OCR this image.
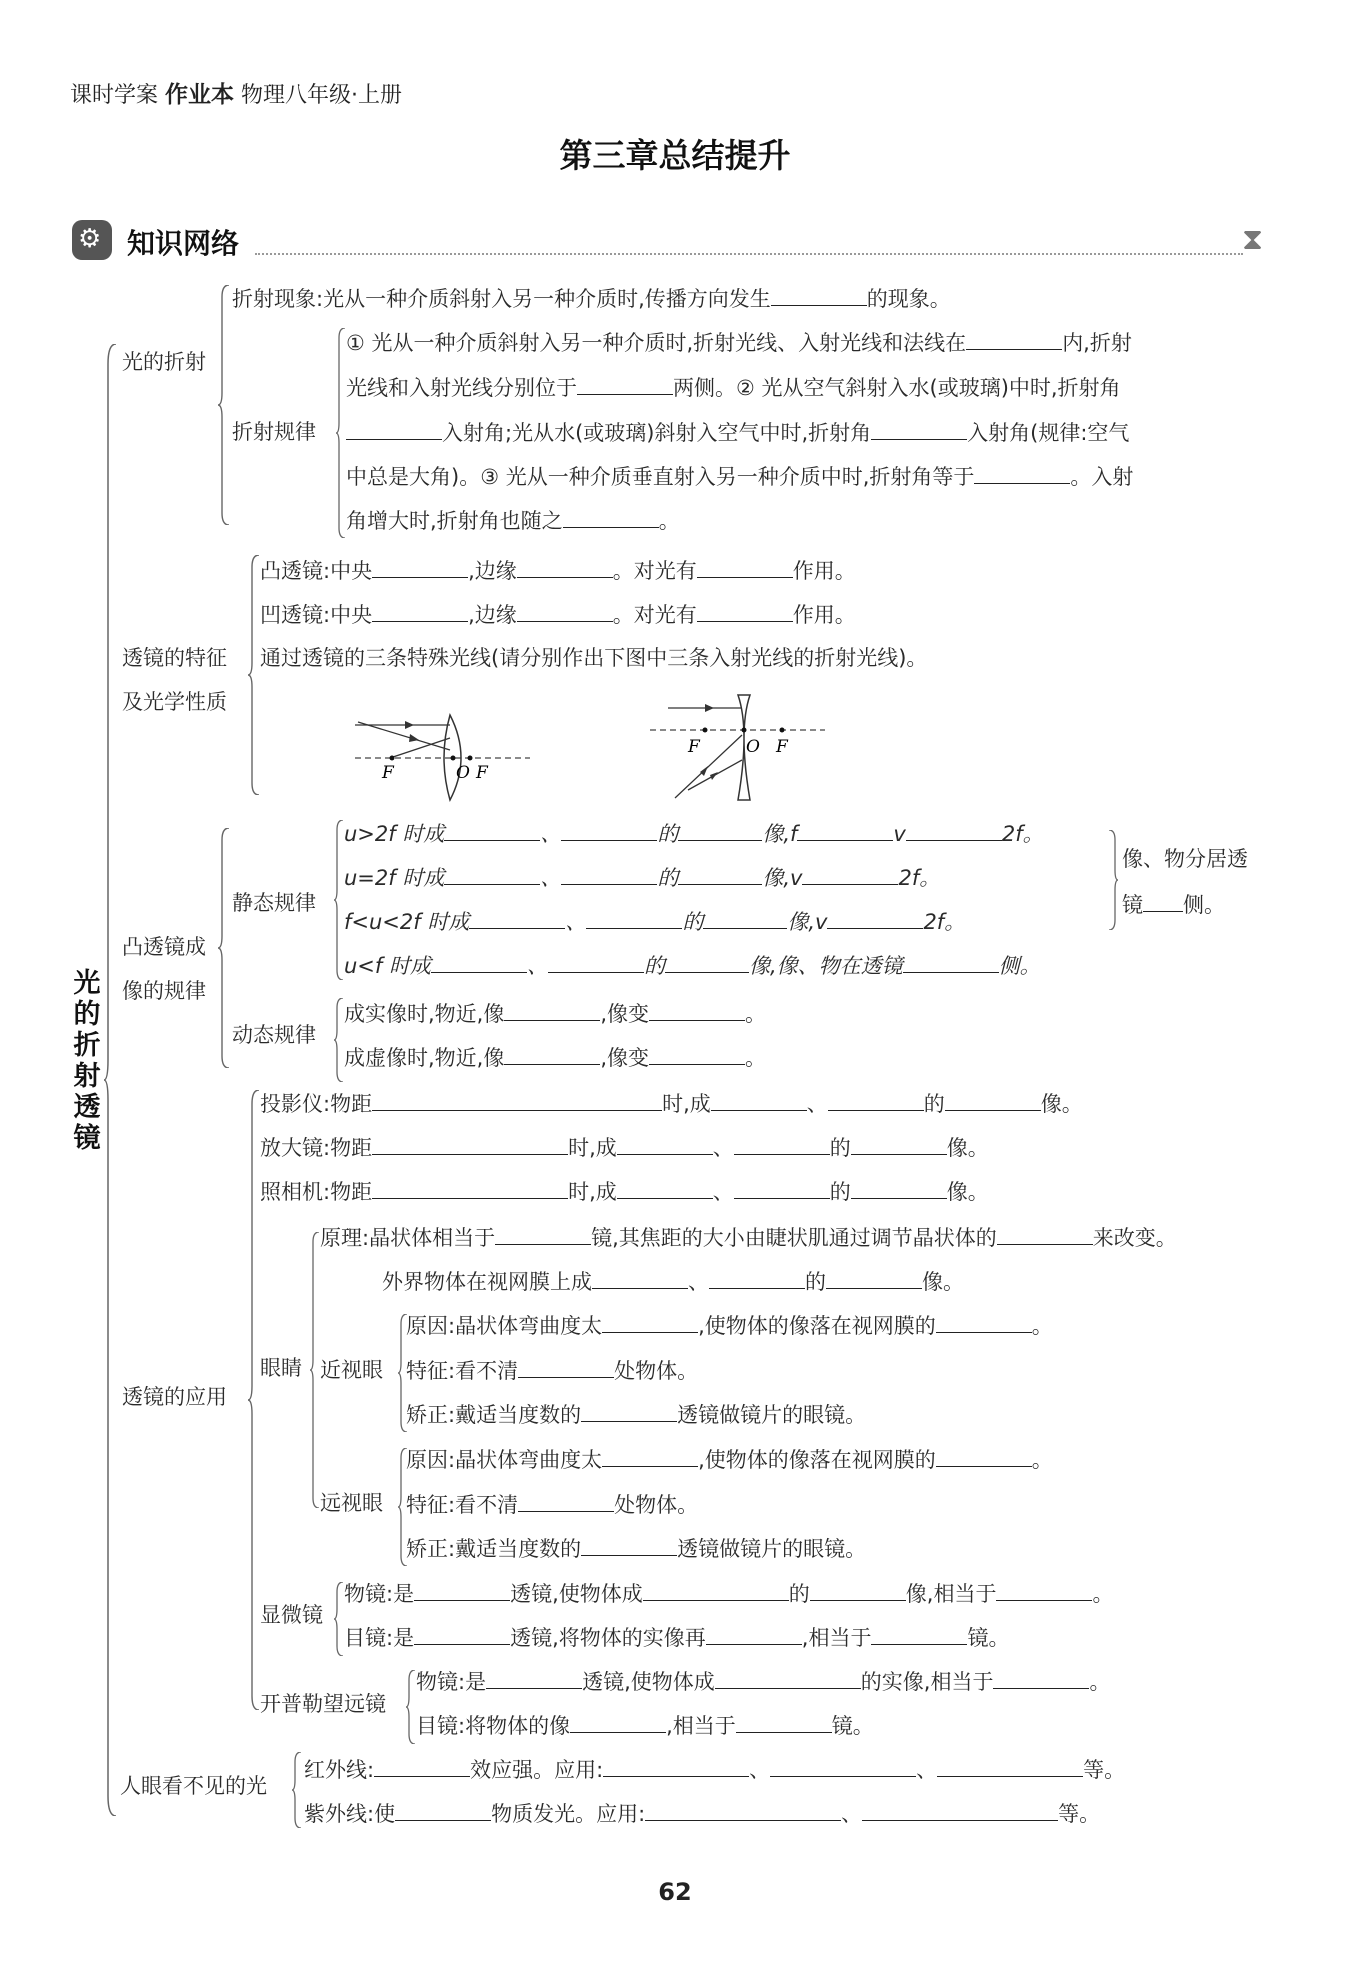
课时学案 作业本 物理八年级·上册
第三章总结提升
⚙ 知识网络	⧗
光的折射 透镜
光的折射
折射现象:光从一种介质斜射入另一种介质时,传播方向发生	的现象。
折射规律
① 光从一种介质斜射入另一种介质时,折射光线、入射光线和法线在	内,折射
光线和入射光线分别位于	两侧。② 光从空气斜射入水(或玻璃)中时,折射角
入射角;光从水(或玻璃)斜射入空气中时,折射角	入射角(规律:空气
中总是大角)。③ 光从一种介质垂直射入另一种介质中时,折射角等于	。入射
角增大时,折射角也随之	。
透镜的特征
及光学性质
凸透镜:中央	,边缘	。对光有	作用。
凹透镜:中央	,边缘	。对光有	作用。
通过透镜的三条特殊光线(请分别作出下图中三条入射光线的折射光线)。
F	O F
F	O F
凸透镜成
像的规律
静态规律
u>2f 时成	、	的	像,f	v	2f。
u=2f 时成	、	的	像,v	2f。
f<u<2f 时成	、	的	像,v	2f。
u<f 时成	、	的	像,像、物在透镜	侧。
像、物分居透
镜 侧。
动态规律
成实像时,物近,像	,像变	。
成虚像时,物近,像	,像变	。
透镜的应用
投影仪:物距	时,成	、	的	像。
放大镜:物距	时,成	、	的	像。
照相机:物距	时,成	、	的	像。
眼睛
原理:晶状体相当于	镜,其焦距的大小由睫状肌通过调节晶状体的	来改变。
外界物体在视网膜上成	、	的	像。
近视眼
原因:晶状体弯曲度太	,使物体的像落在视网膜的	。
特征:看不清	处物体。
矫正:戴适当度数的	透镜做镜片的眼镜。
远视眼
原因:晶状体弯曲度太	,使物体的像落在视网膜的	。
特征:看不清	处物体。
矫正:戴适当度数的	透镜做镜片的眼镜。
显微镜
物镜:是	透镜,使物体成	的	像,相当于	。
目镜:是	透镜,将物体的实像再	,相当于	镜。
开普勒望远镜
物镜:是	透镜,使物体成	的实像,相当于	。
目镜:将物体的像	,相当于	镜。
人眼看不见的光
红外线:	效应强。应用:	、	、	等。
紫外线:使	物质发光。应用:	、	等。
62
